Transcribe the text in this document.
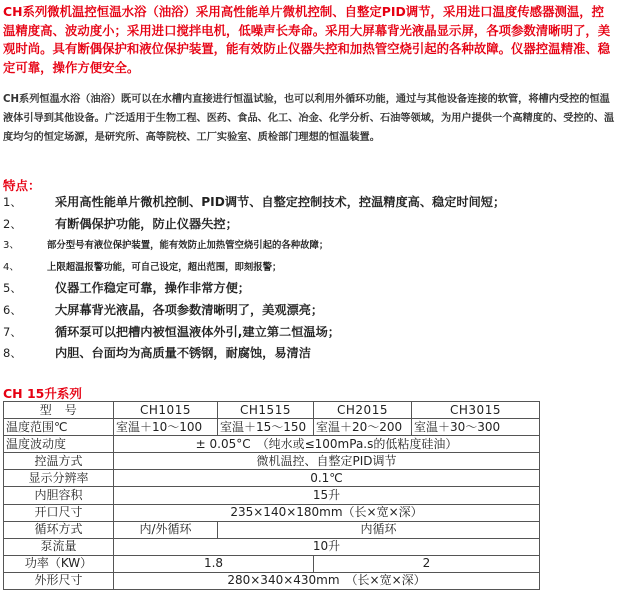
CH系列微机温控恒温水浴（油浴）采用高性能单片微机控制、自整定PID调节，采用进口温度传感器测温，控温精度高、波动度小；采用进口搅拌电机，低噪声长寿命。采用大屏幕背光液晶显示屏，各项参数清晰明了，美观时尚。具有断偶保护和液位保护装置，能有效防止仪器失控和加热管空烧引起的各种故障。仪器控温精准、稳定可靠，操作方便安全。

CH系列恒温水浴（油浴）既可以在水槽内直接进行恒温试验，也可以利用外循环功能，通过与其他设备连接的软管，将槽内受控的恒温液体引导到其他设备。广泛适用于生物工程、医药、食品、化工、冶金、化学分析、石油等领域，为用户提供一个高精度的、受控的、温度均匀的恒定场源，是研究所、高等院校、工厂实验室、质检部门理想的恒温装置。

特点：

1、	采用高性能单片微机控制、PID调节、自整定控制技术，控温精度高、稳定时间短；
2、	有断偶保护功能，防止仪器失控；
3、	部分型号有液位保护装置，能有效防止加热管空烧引起的各种故障；
4、	上限超温报警功能，可自己设定，超出范围，即刻报警；
5、	仪器工作稳定可靠，操作非常方便；
6、	大屏幕背光液晶，各项参数清晰明了，美观漂亮；
7、	循环泵可以把槽内被恒温液体外引,建立第二恒温场；
8、	内胆、台面均为高质量不锈钢，耐腐蚀，易清洁

CH 15升系列

型　号	CH1015	CH1515	CH2015	CH3015
温度范围℃	室温＋10～100	室温＋15～150	室温＋20～200	室温＋30～300
温度波动度	± 0.05°C　（纯水或≤100mPa.s的低粘度硅油）			
控温方式	微机温控、自整定PID调节			
显示分辨率	0.1℃			
内胆容积	15升			
开口尺寸	235×140×180mm（长×宽×深）			
循环方式	内/外循环	内循环		
泵流量	10升			
功率（KW）	1.8		2	
外形尺寸	280×340×430mm　（长×宽×深）			
